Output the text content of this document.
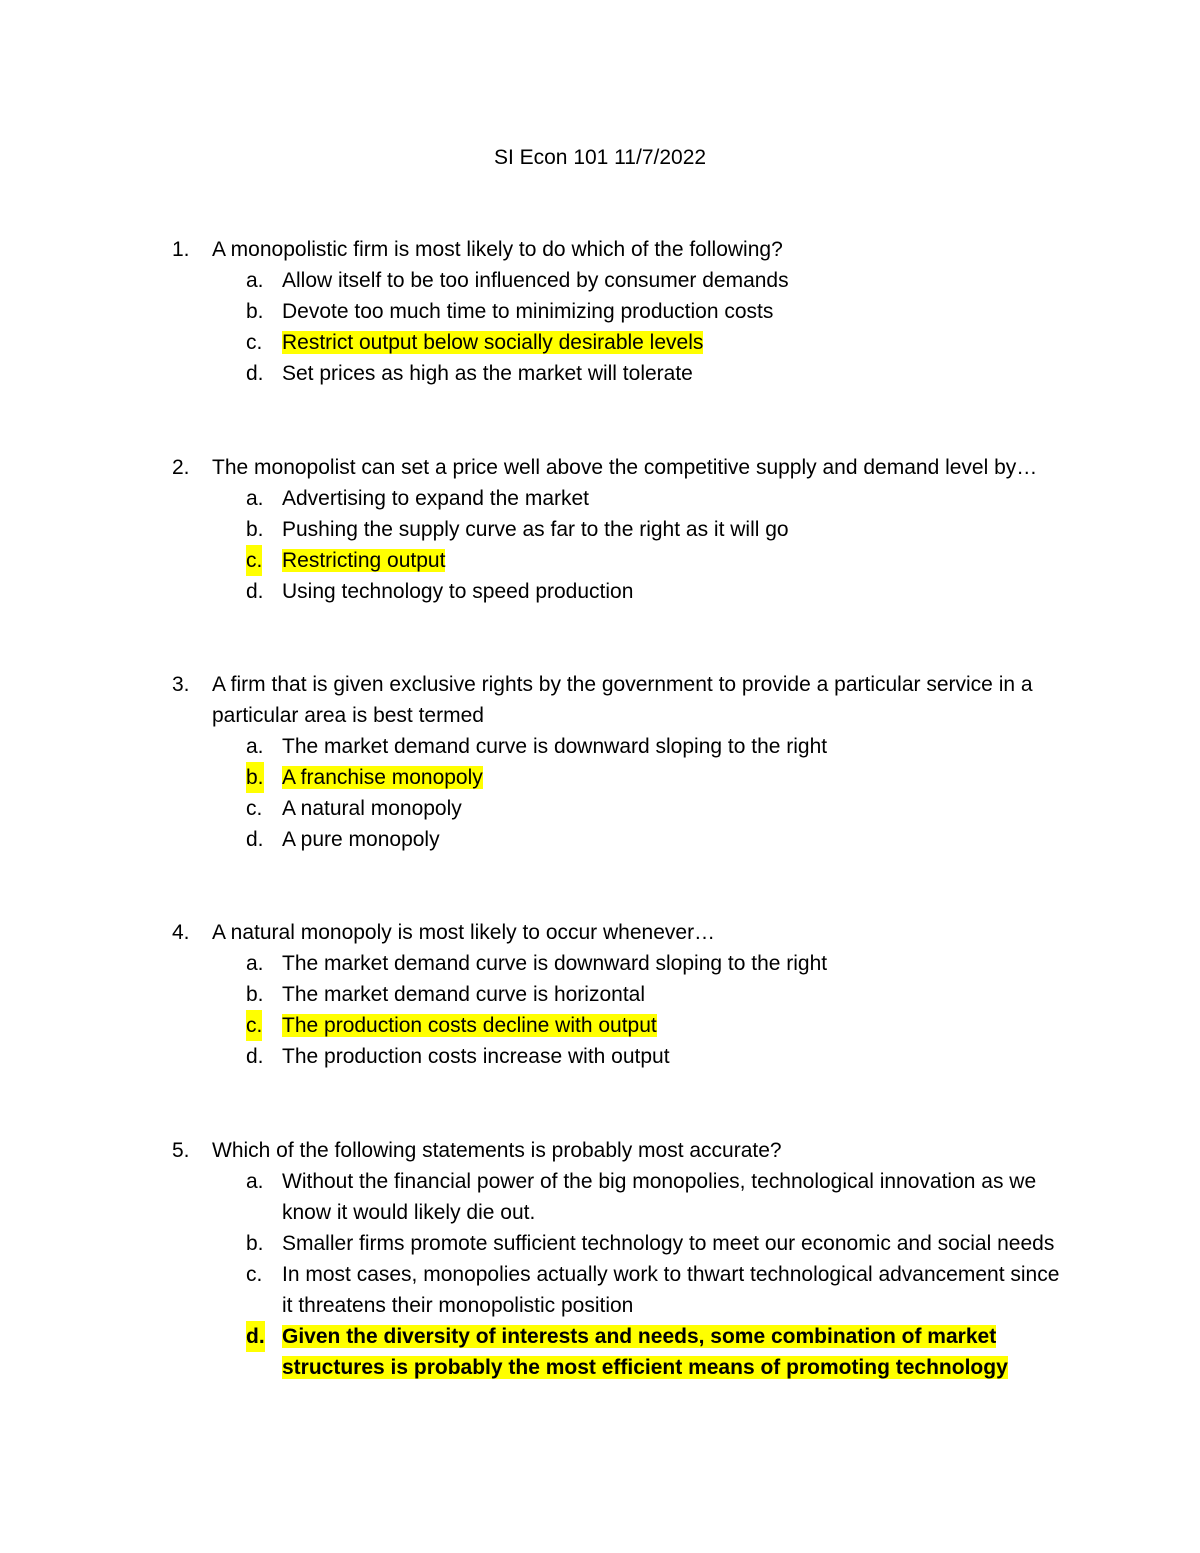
SI Econ 101 11/7/2022
1. A monopolistic firm is most likely to do which of the following?
a. Allow itself to be too influenced by consumer demands
b. Devote too much time to minimizing production costs
c. Restrict output below socially desirable levels
d. Set prices as high as the market will tolerate
2. The monopolist can set a price well above the competitive supply and demand level by…
a. Advertising to expand the market
b. Pushing the supply curve as far to the right as it will go
c. Restricting output
d. Using technology to speed production
3. A firm that is given exclusive rights by the government to provide a particular service in a particular area is best termed
a. The market demand curve is downward sloping to the right
b. A franchise monopoly
c. A natural monopoly
d. A pure monopoly
4. A natural monopoly is most likely to occur whenever…
a. The market demand curve is downward sloping to the right
b. The market demand curve is horizontal
c. The production costs decline with output
d. The production costs increase with output
5. Which of the following statements is probably most accurate?
a. Without the financial power of the big monopolies, technological innovation as we know it would likely die out.
b. Smaller firms promote sufficient technology to meet our economic and social needs
c. In most cases, monopolies actually work to thwart technological advancement since it threatens their monopolistic position
d. Given the diversity of interests and needs, some combination of market structures is probably the most efficient means of promoting technology
